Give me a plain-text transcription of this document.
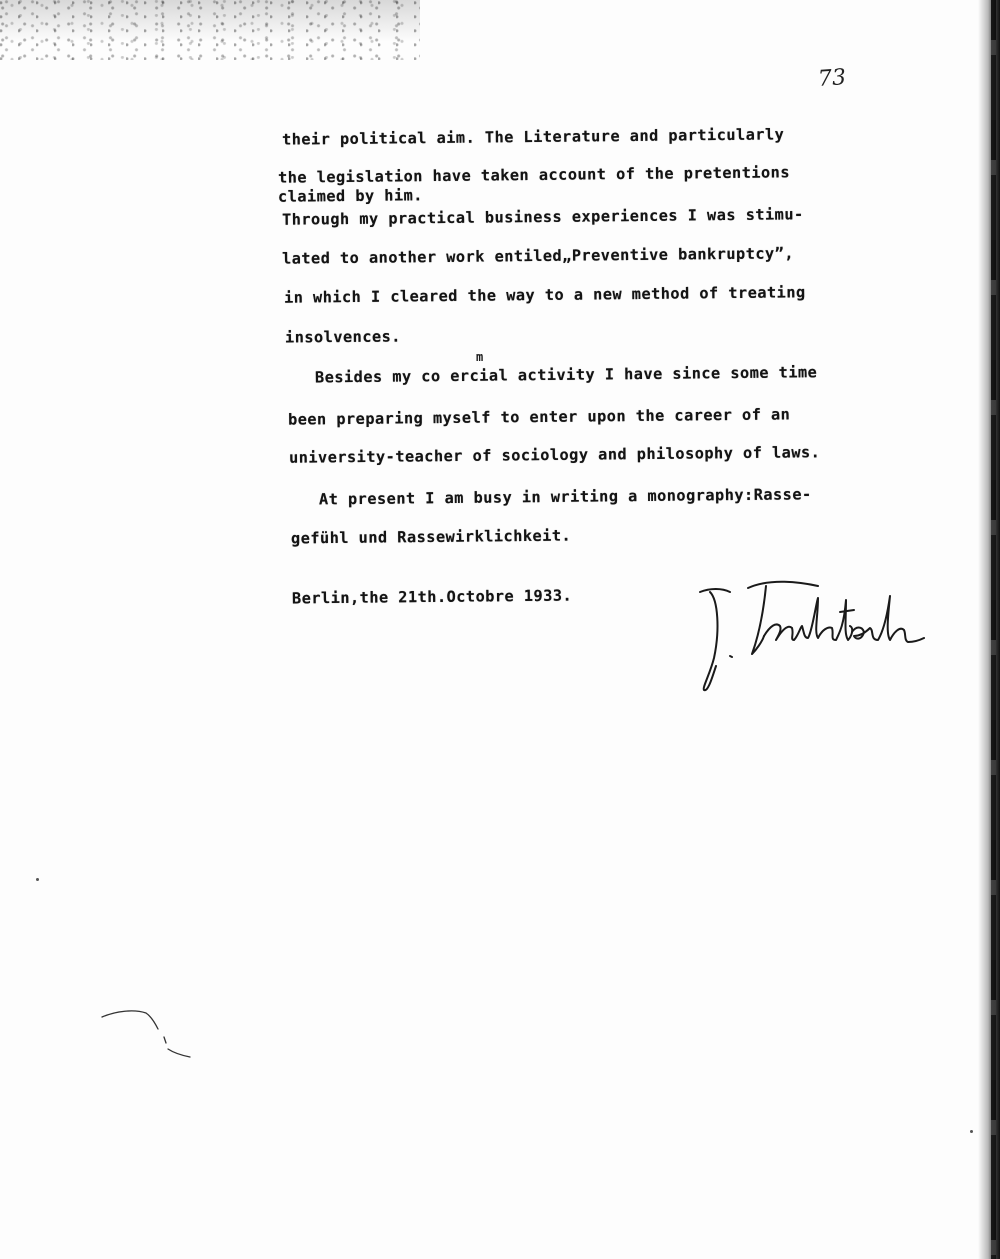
73
their political aim. The Literature and particularly
the legislation have taken account of the pretentions
claimed by him.
Through my practical business experiences I was stimu-
lated to another work entiled„Preventive bankruptcy”,
in which I cleared the way to a new method of treating
insolvences.
m
Besides my co ercial activity I have since some time
been preparing myself to enter upon the career of an
university-teacher of sociology and philosophy of laws.
At present I am busy in writing a monography:Rasse-
gefühl und Rassewirklichkeit.
Berlin,the 21th.Octobre 1933.
